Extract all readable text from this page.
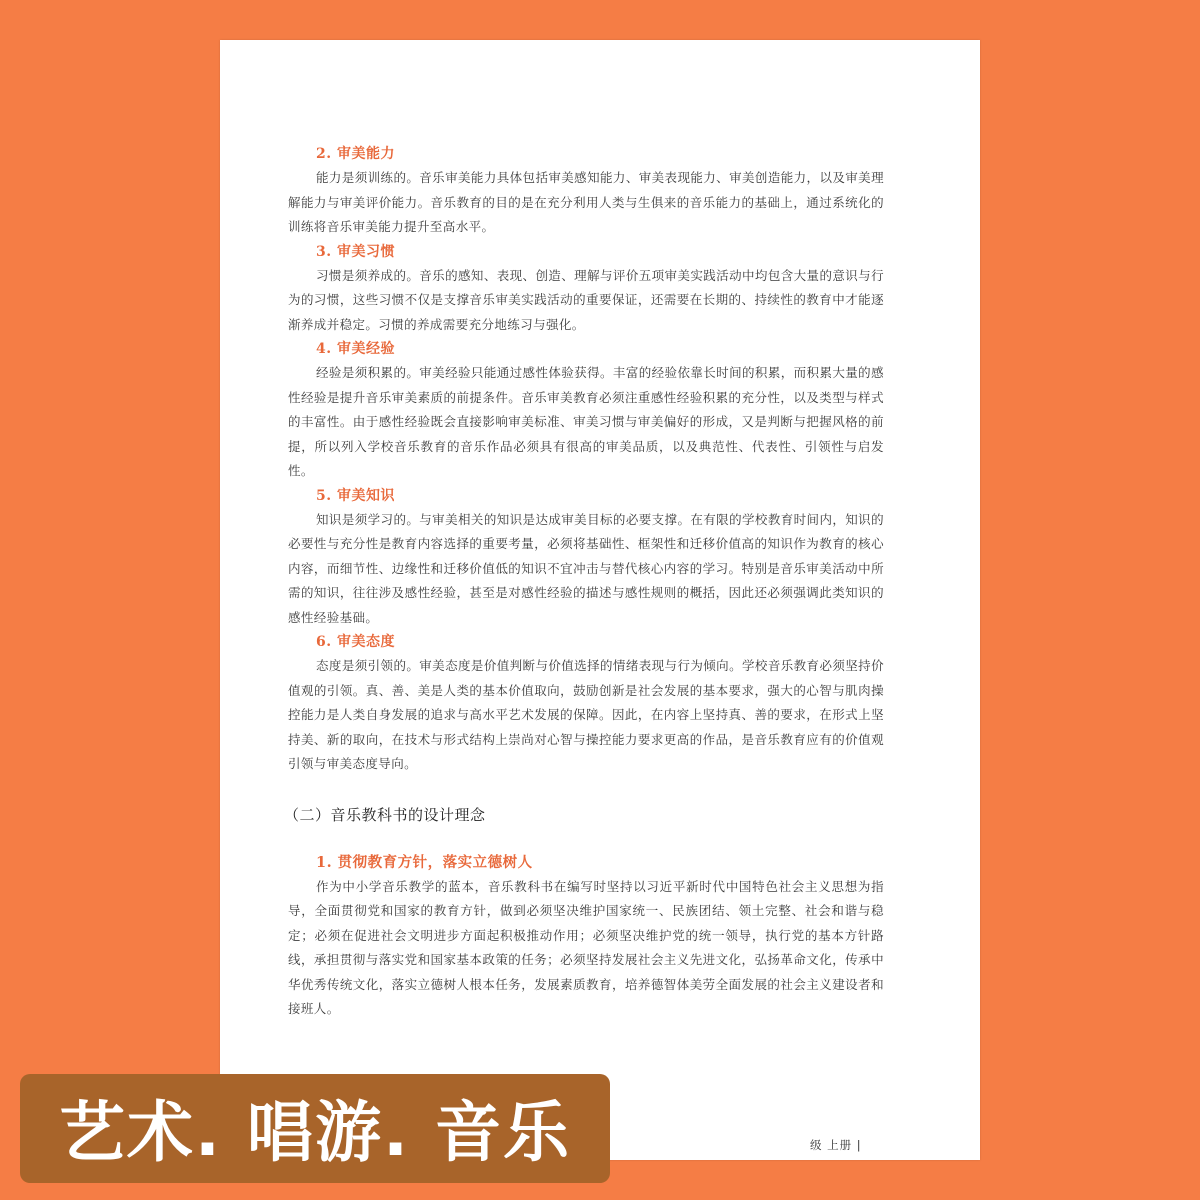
2. 审美能力

能力是须训练的。音乐审美能力具体包括审美感知能力、审美表现能力、审美创造能力，以及审美理解能力与审美评价能力。音乐教育的目的是在充分利用人类与生俱来的音乐能力的基础上，通过系统化的训练将音乐审美能力提升至高水平。

3. 审美习惯

习惯是须养成的。音乐的感知、表现、创造、理解与评价五项审美实践活动中均包含大量的意识与行为的习惯，这些习惯不仅是支撑音乐审美实践活动的重要保证，还需要在长期的、持续性的教育中才能逐渐养成并稳定。习惯的养成需要充分地练习与强化。

4. 审美经验

经验是须积累的。审美经验只能通过感性体验获得。丰富的经验依靠长时间的积累，而积累大量的感性经验是提升音乐审美素质的前提条件。音乐审美教育必须注重感性经验积累的充分性，以及类型与样式的丰富性。由于感性经验既会直接影响审美标准、审美习惯与审美偏好的形成，又是判断与把握风格的前提，所以列入学校音乐教育的音乐作品必须具有很高的审美品质，以及典范性、代表性、引领性与启发性。

5. 审美知识

知识是须学习的。与审美相关的知识是达成审美目标的必要支撑。在有限的学校教育时间内，知识的必要性与充分性是教育内容选择的重要考量，必须将基础性、框架性和迁移价值高的知识作为教育的核心内容，而细节性、边缘性和迁移价值低的知识不宜冲击与替代核心内容的学习。特别是音乐审美活动中所需的知识，往往涉及感性经验，甚至是对感性经验的描述与感性规则的概括，因此还必须强调此类知识的感性经验基础。

6. 审美态度

态度是须引领的。审美态度是价值判断与价值选择的情绪表现与行为倾向。学校音乐教育必须坚持价值观的引领。真、善、美是人类的基本价值取向，鼓励创新是社会发展的基本要求，强大的心智与肌肉操控能力是人类自身发展的追求与高水平艺术发展的保障。因此，在内容上坚持真、善的要求，在形式上坚持美、新的取向，在技术与形式结构上崇尚对心智与操控能力要求更高的作品，是音乐教育应有的价值观引领与审美态度导向。

（二）音乐教科书的设计理念
1. 贯彻教育方针，落实立德树人

作为中小学音乐教学的蓝本，音乐教科书在编写时坚持以习近平新时代中国特色社会主义思想为指导，全面贯彻党和国家的教育方针，做到必须坚决维护国家统一、民族团结、领土完整、社会和谐与稳定；必须在促进社会文明进步方面起积极推动作用；必须坚决维护党的统一领导，执行党的基本方针路线，承担贯彻与落实党和国家基本政策的任务；必须坚持发展社会主义先进文化，弘扬革命文化，传承中华优秀传统文化，落实立德树人根本任务，发展素质教育，培养德智体美劳全面发展的社会主义建设者和接班人。

级 上册 |
艺术. 唱游. 音乐
